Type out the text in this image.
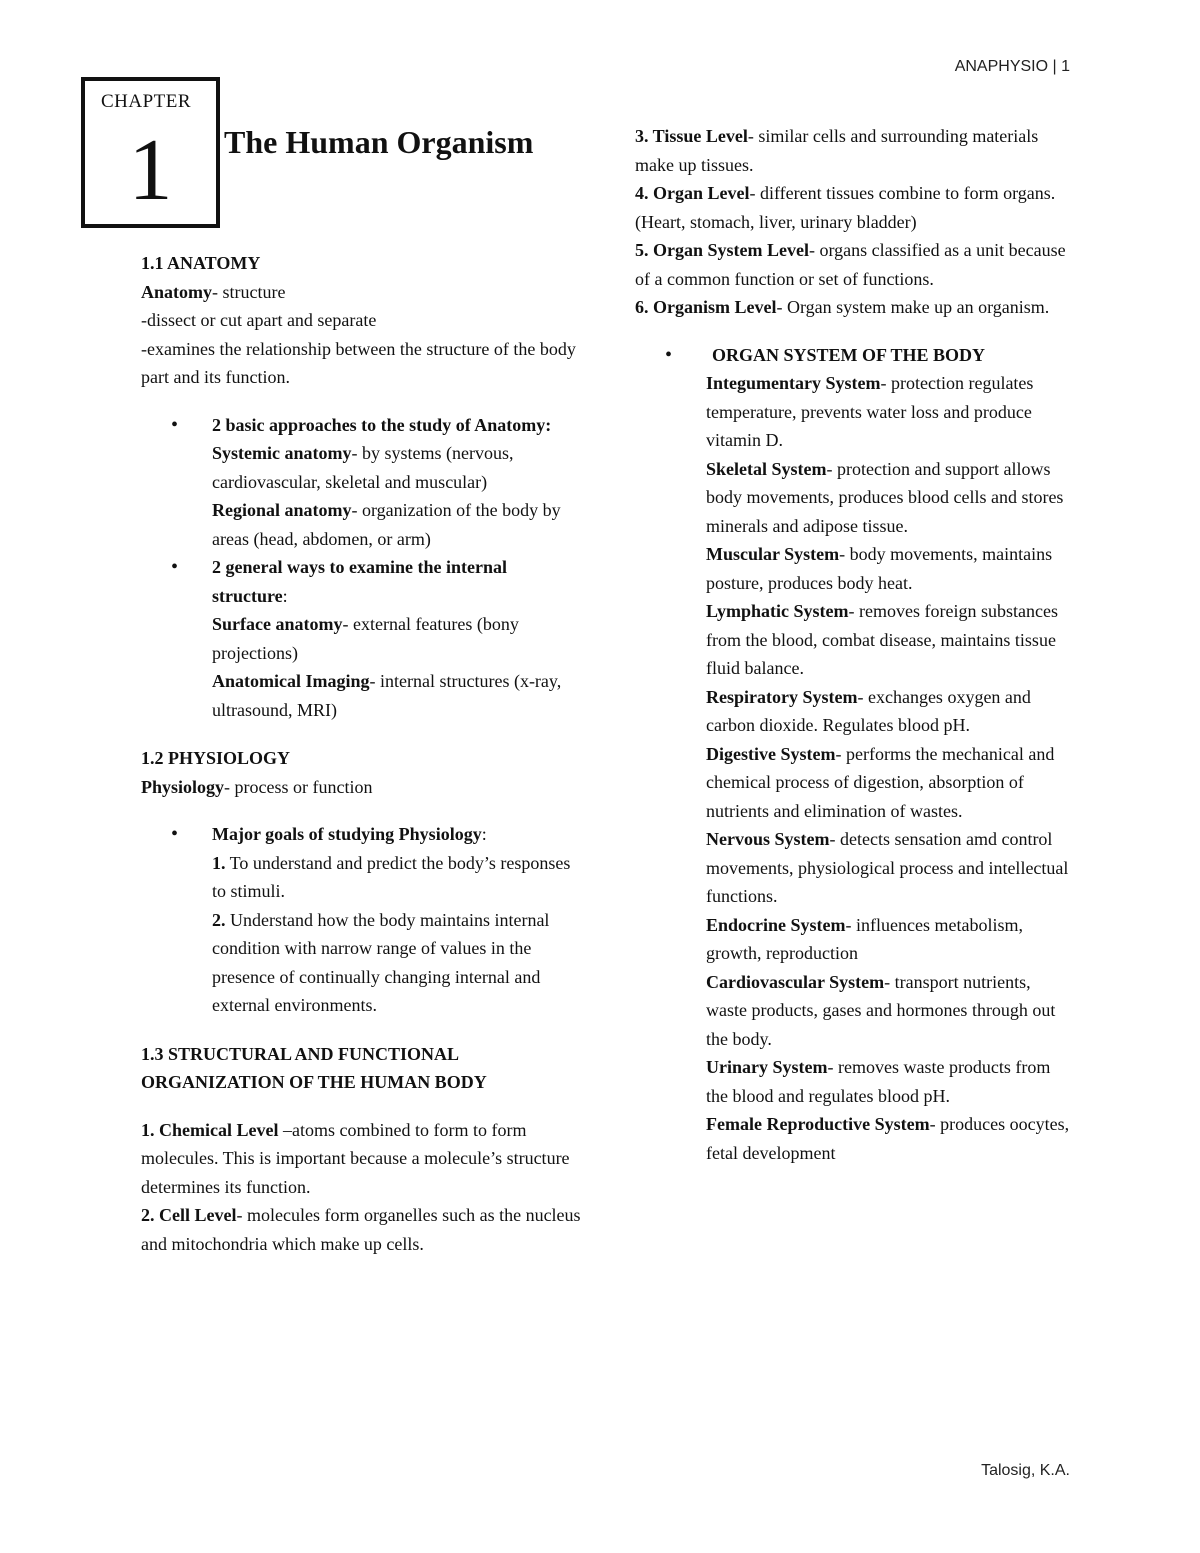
ANAPHYSIO | 1
CHAPTER
1	The Human Organism

1.1 ANATOMY

Anatomy- structure

-dissect or cut apart and separate

-examines the relationship between the structure of the body part and its function.

• 2 basic approaches to the study of Anatomy:
Systemic anatomy- by systems (nervous, cardiovascular, skeletal and muscular)
Regional anatomy- organization of the body by areas (head, abdomen, or arm)
• 2 general ways to examine the internal structure:
Surface anatomy- external features (bony projections)
Anatomical Imaging- internal structures (x-ray, ultrasound, MRI)

1.2 PHYSIOLOGY

Physiology- process or function

• Major goals of studying Physiology:
1. To understand and predict the body’s responses to stimuli.
2. Understand how the body maintains internal condition with narrow range of values in the presence of continually changing internal and external environments.

1.3 STRUCTURAL AND FUNCTIONAL ORGANIZATION OF THE HUMAN BODY

1. Chemical Level –atoms combined to form to form molecules. This is important because a molecule’s structure determines its function.

2. Cell Level- molecules form organelles such as the nucleus and mitochondria which make up cells.

3. Tissue Level- similar cells and surrounding materials make up tissues.

4. Organ Level- different tissues combine to form organs. (Heart, stomach, liver, urinary bladder)

5. Organ System Level- organs classified as a unit because of a common function or set of functions.

6. Organism Level- Organ system make up an organism.

• ORGAN SYSTEM OF THE BODY

Integumentary System- protection regulates temperature, prevents water loss and produce vitamin D.

Skeletal System- protection and support allows body movements, produces blood cells and stores minerals and adipose tissue.

Muscular System- body movements, maintains posture, produces body heat.

Lymphatic System- removes foreign substances from the blood, combat disease, maintains tissue fluid balance.

Respiratory System- exchanges oxygen and carbon dioxide. Regulates blood pH.

Digestive System- performs the mechanical and chemical process of digestion, absorption of nutrients and elimination of wastes.

Nervous System- detects sensation amd control movements, physiological process and intellectual functions.

Endocrine System- influences metabolism, growth, reproduction

Cardiovascular System- transport nutrients, waste products, gases and hormones through out the body.

Urinary System- removes waste products from the blood and regulates blood pH.

Female Reproductive System- produces oocytes, fetal development

Talosig, K.A.
